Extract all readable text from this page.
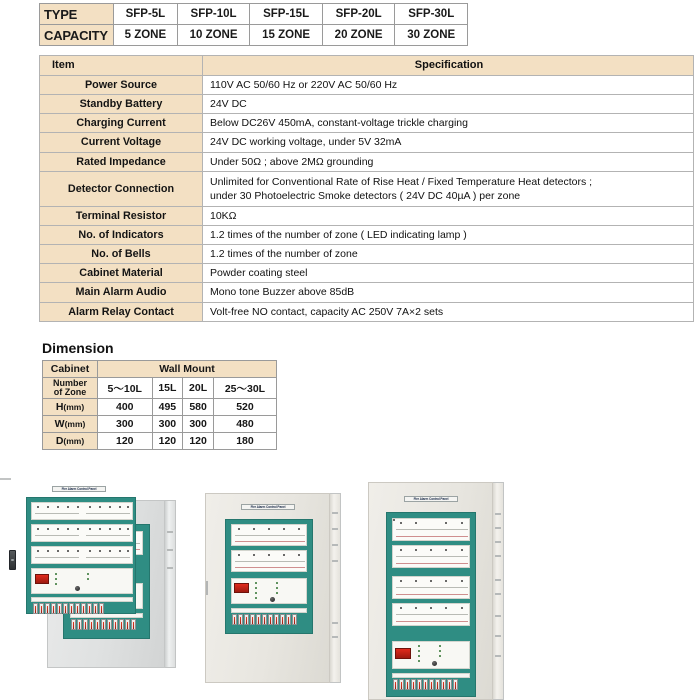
TYPE	SFP-5L	SFP-10L	SFP-15L	SFP-20L	SFP-30L
CAPACITY	5 ZONE	10 ZONE	15 ZONE	20 ZONE	30 ZONE
Item	Specification
Power Source	110V AC 50/60 Hz or 220V AC 50/60 Hz
Standby Battery	24V DC
Charging Current	Below DC26V 450mA, constant-voltage trickle charging
Current Voltage	24V DC working voltage, under 5V 32mA
Rated Impedance	Under 50Ω ; above 2MΩ grounding
Detector Connection	Unlimited for Conventional Rate of Rise Heat / Fixed Temperature Heat detectors ;
under 30 Photoelectric Smoke detectors ( 24V DC 40µA ) per zone
Terminal Resistor	10KΩ
No. of Indicators	1.2 times of the number of zone ( LED indicating lamp )
No. of Bells	1.2 times of the number of zone
Cabinet Material	Powder coating steel
Main Alarm Audio	Mono tone Buzzer above 85dB
Alarm Relay Contact	Volt-free NO contact, capacity AC 250V 7A×2 sets
Dimension
Cabinet	Wall Mount			
Number
of Zone	5～10L	15L	20L	25～30L
H(mm)	400	495	580	520
W(mm)	300	300	300	480
D(mm)	120	120	120	180
Fire Alarm Control Panel
Fire Alarm Control Panel
Fire Alarm Control Panel
